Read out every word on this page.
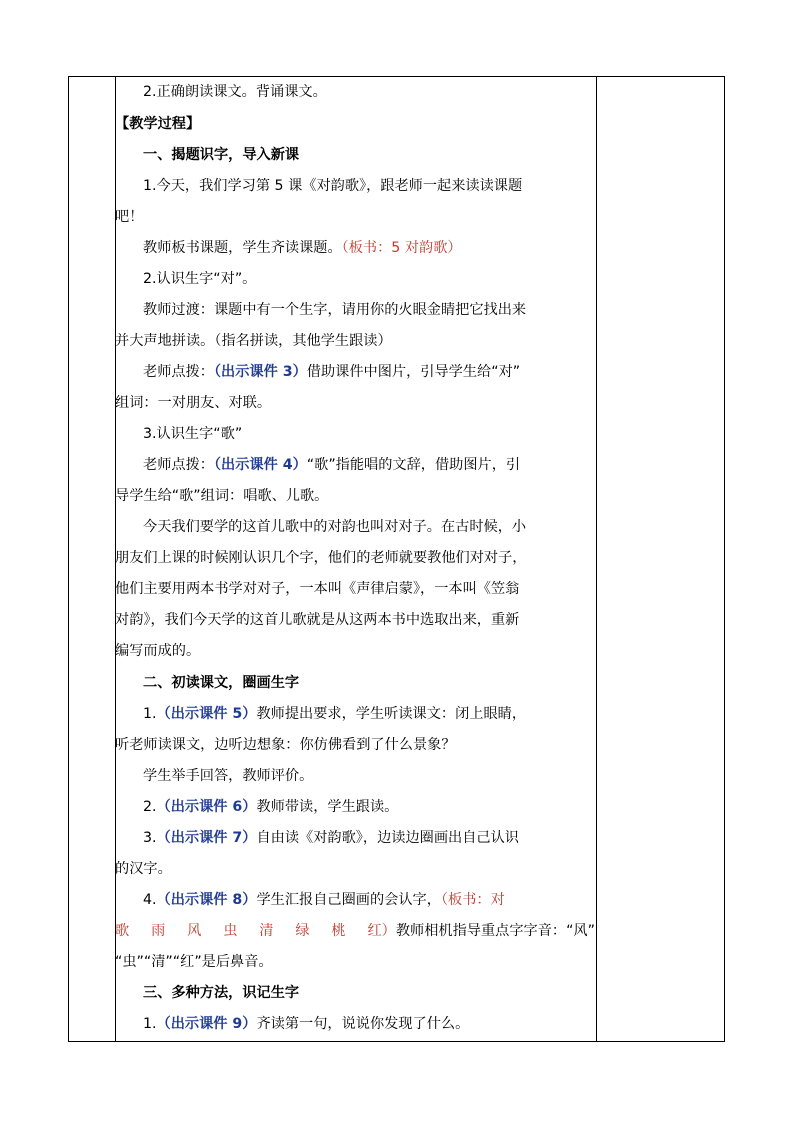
2.正确朗读课文。背诵课文。
【教学过程】
一、揭题识字，导入新课
1.今天，我们学习第 5 课《对韵歌》，跟老师一起来读读课题
吧！
教师板书课题，学生齐读课题。（板书：5 对韵歌）
2.认识生字“对”。
教师过渡：课题中有一个生字，请用你的火眼金睛把它找出来
并大声地拼读。（指名拼读，其他学生跟读）
老师点拨：（出示课件 3）借助课件中图片，引导学生给“对”
组词：一对朋友、对联。
3.认识生字“歌”
老师点拨：（出示课件 4）“歌”指能唱的文辞，借助图片，引
导学生给“歌”组词：唱歌、儿歌。
今天我们要学的这首儿歌中的对韵也叫对对子。在古时候，小
朋友们上课的时候刚认识几个字，他们的老师就要教他们对对子，
他们主要用两本书学对对子，一本叫《声律启蒙》，一本叫《笠翁
对韵》，我们今天学的这首儿歌就是从这两本书中选取出来，重新
编写而成的。
二、初读课文，圈画生字
1.（出示课件 5）教师提出要求，学生听读课文：闭上眼睛，
听老师读课文，边听边想象：你仿佛看到了什么景象？
学生举手回答，教师评价。
2.（出示课件 6）教师带读，学生跟读。
3.（出示课件 7）自由读《对韵歌》，边读边圈画出自己认识
的汉字。
4.（出示课件 8）学生汇报自己圈画的会认字，（板书：对
歌 雨 风 虫 清 绿 桃 红）教师相机指导重点字字音：“风”
“虫”“清”“红”是后鼻音。
三、多种方法，识记生字
1.（出示课件 9）齐读第一句，说说你发现了什么。
